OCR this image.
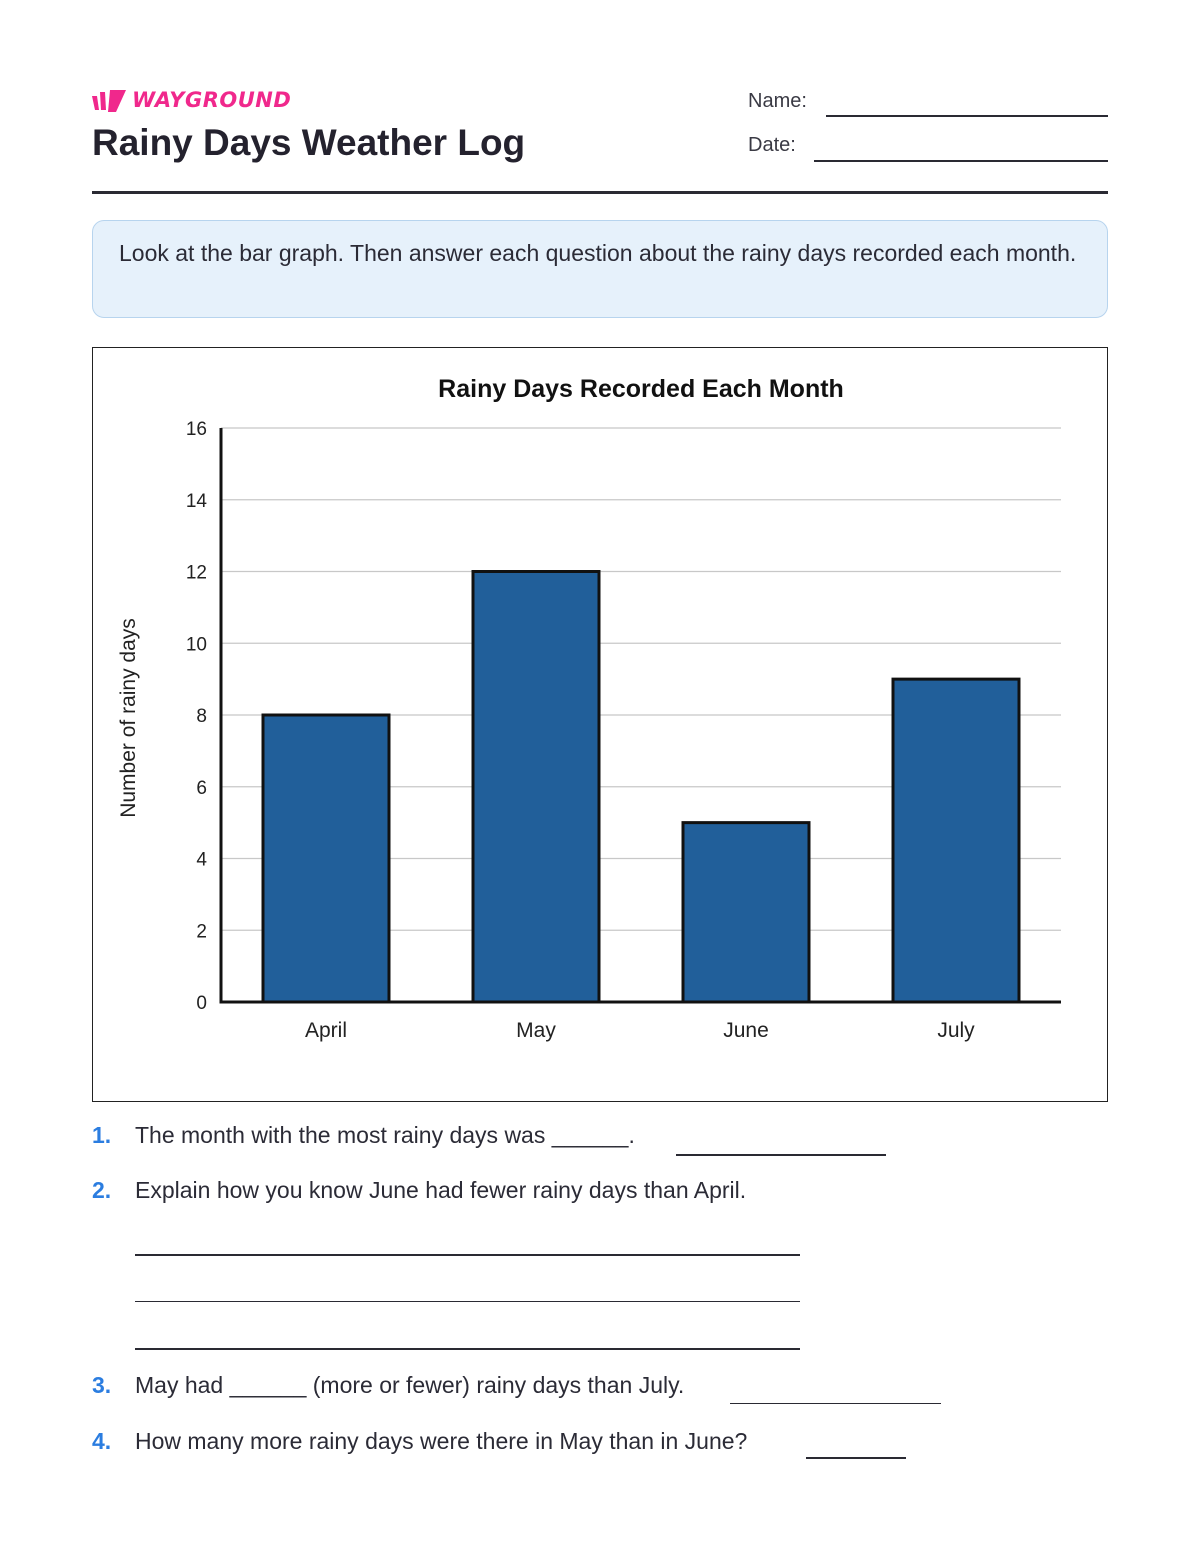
WAYGROUND
Rainy Days Weather Log
Name:
Date:
Look at the bar graph. Then answer each question about the rainy days recorded each month.
Rainy Days Recorded Each Month
Number of rainy days
0
2
4
6
8
10
12
14
16
April	May	June	July
1. The month with the most rainy days was ______.
2. Explain how you know June had fewer rainy days than April.
3. May had ______ (more or fewer) rainy days than July.
4. How many more rainy days were there in May than in June?
